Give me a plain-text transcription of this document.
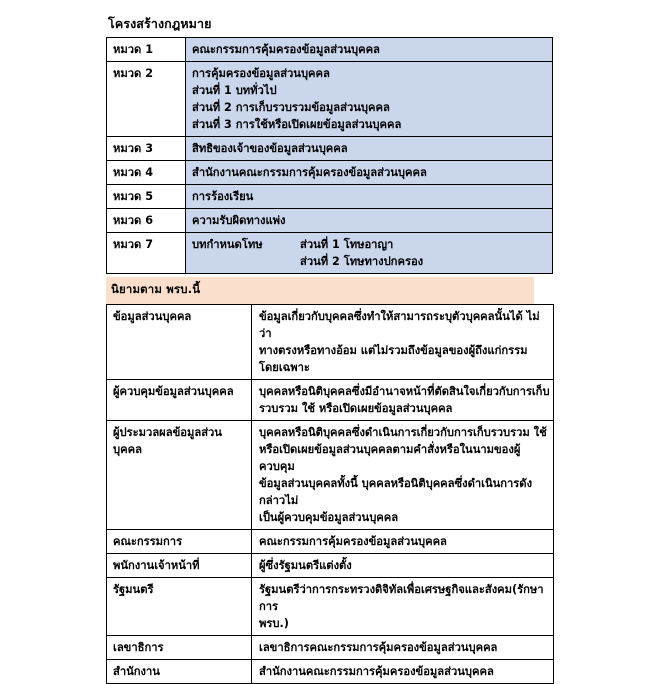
โครงสร้างกฎหมาย
หมวด 1	คณะกรรมการคุ้มครองข้อมูลส่วนบุคคล

หมวด 2	การคุ้มครองข้อมูลส่วนบุคคล
ส่วนที่ 1 บททั่วไป
ส่วนที่ 2 การเก็บรวบรวมข้อมูลส่วนบุคคล
ส่วนที่ 3 การใช้หรือเปิดเผยข้อมูลส่วนบุคคล

หมวด 3	สิทธิของเจ้าของข้อมูลส่วนบุคคล

หมวด 4	สำนักงานคณะกรรมการคุ้มครองข้อมูลส่วนบุคคล

หมวด 5	การร้องเรียน

หมวด 6	ความรับผิดทางแพ่ง

หมวด 7	บทกำหนดโทษ ส่วนที่ 1 โทษอาญา
ส่วนที่ 2 โทษทางปกครอง
นิยามตาม พรบ.นี้
ข้อมูลส่วนบุคคล	ข้อมูลเกี่ยวกับบุคคลซึ่งทำให้สามารถระบุตัวบุคคลนั้นได้ ไม่ว่า
ทางตรงหรือทางอ้อม แต่ไม่รวมถึงข้อมูลของผู้ถึงแก่กรรม
โดยเฉพาะ

ผู้ควบคุมข้อมูลส่วนบุคคล	บุคคลหรือนิติบุคคลซึ่งมีอำนาจหน้าที่ตัดสินใจเกี่ยวกับการเก็บ
รวบรวม ใช้ หรือเปิดเผยข้อมูลส่วนบุคคล

ผู้ประมวลผลข้อมูลส่วน
บุคคล	บุคคลหรือนิติบุคคลซึ่งดำเนินการเกี่ยวกับการเก็บรวบรวม ใช้
หรือเปิดเผยข้อมูลส่วนบุคคลตามคำสั่งหรือในนามของผู้ควบคุม
ข้อมูลส่วนบุคคลทั้งนี้ บุคคลหรือนิติบุคคลซึ่งดำเนินการดังกล่าวไม่
เป็นผู้ควบคุมข้อมูลส่วนบุคคล

คณะกรรมการ	คณะกรรมการคุ้มครองข้อมูลส่วนบุคคล

พนักงานเจ้าหน้าที่	ผู้ซึ่งรัฐมนตรีแต่งตั้ง

รัฐมนตรี	รัฐมนตรีว่าการกระทรวงดิจิทัลเพื่อเศรษฐกิจและสังคม(รักษาการ
พรบ.)

เลขาธิการ	เลขาธิการคณะกรรมการคุ้มครองข้อมูลส่วนบุคคล

สำนักงาน	สำนักงานคณะกรรมการคุ้มครองข้อมูลส่วนบุคคล
